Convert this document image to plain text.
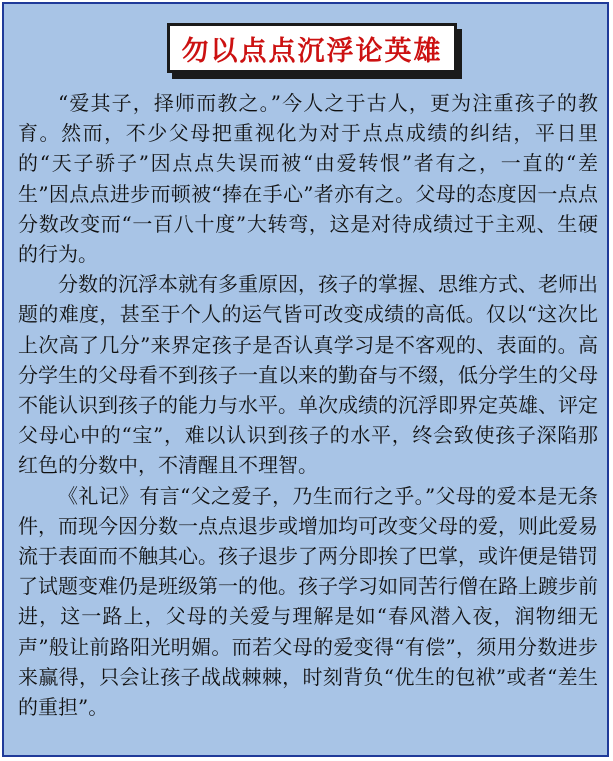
勿以点点沉浮论英雄

“爱其子，择师而教之。”今人之于古人，更为注重孩子的教育。然而，不少父母把重视化为对于点点成绩的纠结，平日里的“天子骄子”因点点失误而被“由爱转恨”者有之，一直的“差生”因点点进步而顿被“捧在手心”者亦有之。父母的态度因一点点分数改变而“一百八十度”大转弯，这是对待成绩过于主观、生硬的行为。

分数的沉浮本就有多重原因，孩子的掌握、思维方式、老师出题的难度，甚至于个人的运气皆可改变成绩的高低。仅以“这次比上次高了几分”来界定孩子是否认真学习是不客观的、表面的。高分学生的父母看不到孩子一直以来的勤奋与不缀，低分学生的父母不能认识到孩子的能力与水平。单次成绩的沉浮即界定英雄、评定父母心中的“宝”，难以认识到孩子的水平，终会致使孩子深陷那红色的分数中，不清醒且不理智。

《礼记》有言“父之爱子，乃生而行之乎。”父母的爱本是无条件，而现今因分数一点点退步或增加均可改变父母的爱，则此爱易流于表面而不触其心。孩子退步了两分即挨了巴掌，或许便是错罚了试题变难仍是班级第一的他。孩子学习如同苦行僧在路上踱步前进，这一路上，父母的关爱与理解是如“春风潜入夜，润物细无声”般让前路阳光明媚。而若父母的爱变得“有偿”，须用分数进步来赢得，只会让孩子战战棘棘，时刻背负“优生的包袱”或者“差生的重担”。
